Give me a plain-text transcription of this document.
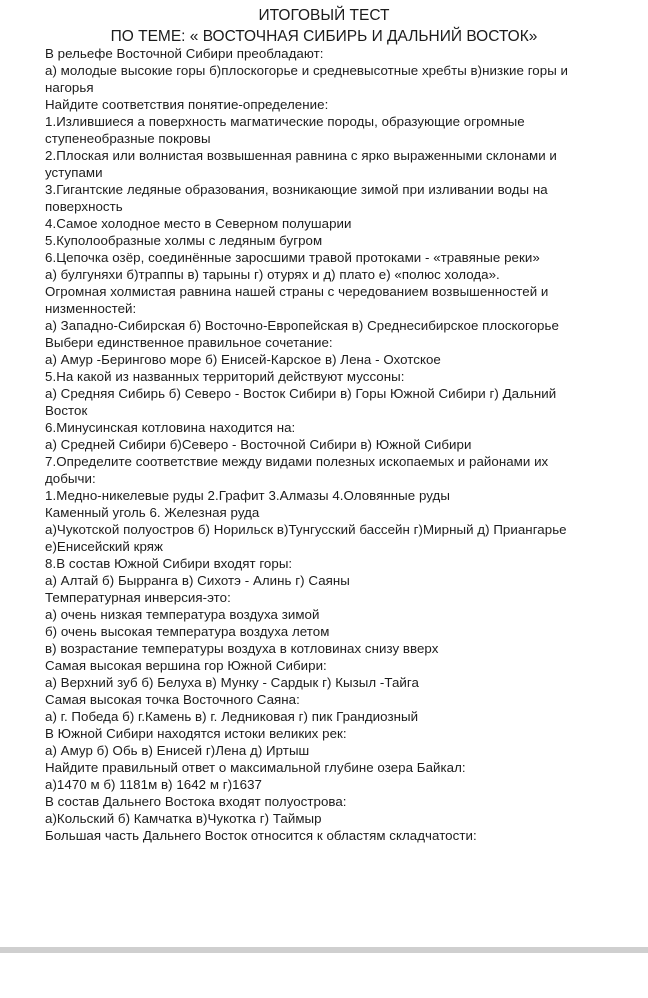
ИТОГОВЫЙ ТЕСТ
ПО ТЕМЕ: « ВОСТОЧНАЯ СИБИРЬ И ДАЛЬНИЙ ВОСТОК»
В рельефе Восточной Сибири преобладают:
а) молодые высокие горы б)плоскогорье и средневысотные хребты в)низкие горы и
нагорья
Найдите соответствия понятие-определение:
1.Излившиеся а поверхность магматические породы, образующие огромные
ступенеобразные покровы
2.Плоская или волнистая возвышенная равнина с ярко выраженными склонами и
уступами
3.Гигантские ледяные образования, возникающие зимой при изливании воды на
поверхность
4.Самое холодное место в Северном полушарии
5.Куполообразные холмы с ледяным бугром
6.Цепочка озёр, соединённые заросшими травой протоками - «травяные реки»
а) булгуняхи б)траппы в) тарыны г) отурях и д) плато е) «полюс холода».
Огромная холмистая равнина нашей страны с чередованием возвышенностей и
низменностей:
а) Западно-Сибирская б) Восточно-Европейская в) Среднесибирское плоскогорье
Выбери единственное правильное сочетание:
а) Амур -Берингово море б) Енисей-Карское в) Лена - Охотское
5.На какой из названных территорий действуют муссоны:
а) Средняя Сибирь б) Северо - Восток Сибири в) Горы Южной Сибири г) Дальний
Восток
6.Минусинская котловина находится на:
а) Средней Сибири б)Северо - Восточной Сибири в) Южной Сибири
7.Определите соответствие между видами полезных ископаемых и районами их
добычи:
1.Медно-никелевые руды 2.Графит 3.Алмазы 4.Оловянные руды
Каменный уголь 6. Железная руда
а)Чукотской полуостров б) Норильск в)Тунгусский бассейн г)Мирный д) Приангарье
е)Енисейский кряж
8.В состав Южной Сибири входят горы:
а) Алтай б) Бырранга в) Сихотэ - Алинь г) Саяны
Температурная инверсия-это:
а) очень низкая температура воздуха зимой
б) очень высокая температура воздуха летом
в) возрастание температуры воздуха в котловинах снизу вверх
Самая высокая вершина гор Южной Сибири:
а) Верхний зуб б) Белуха в) Мунку - Сардык г) Кызыл -Тайга
Самая высокая точка Восточного Саяна:
а) г. Победа б) г.Камень в) г. Ледниковая г) пик Грандиозный
В Южной Сибири находятся истоки великих рек:
а) Амур б) Обь в) Енисей г)Лена д) Иртыш
Найдите правильный ответ о максимальной глубине озера Байкал:
а)1470 м б) 1181м в) 1642 м г)1637
В состав Дальнего Востока входят полуострова:
а)Кольский б) Камчатка в)Чукотка г) Таймыр
Большая часть Дальнего Восток относится к областям складчатости:
